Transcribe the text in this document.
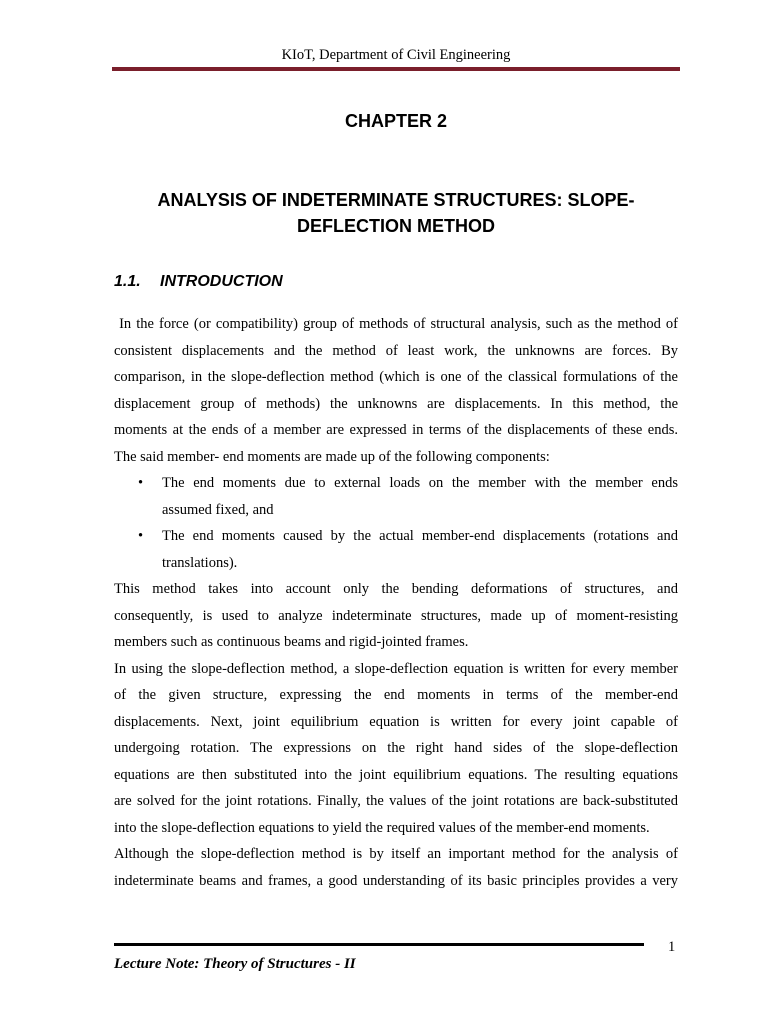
KIoT, Department of Civil Engineering
CHAPTER 2
ANALYSIS OF INDETERMINATE STRUCTURES: SLOPE-
DEFLECTION METHOD
1.1. INTRODUCTION

In the force (or compatibility) group of methods of structural analysis, such as the method of
consistent displacements and the method of least work, the unknowns are forces. By
comparison, in the slope-deflection method (which is one of the classical formulations of the
displacement group of methods) the unknowns are displacements. In this method, the
moments at the ends of a member are expressed in terms of the displacements of these ends.
The said member- end moments are made up of the following components:

• The end moments due to external loads on the member with the member ends
assumed fixed, and
• The end moments caused by the actual member-end displacements (rotations and
translations).

This method takes into account only the bending deformations of structures, and
consequently, is used to analyze indeterminate structures, made up of moment-resisting
members such as continuous beams and rigid-jointed frames.

In using the slope-deflection method, a slope-deflection equation is written for every member
of the given structure, expressing the end moments in terms of the member-end
displacements. Next, joint equilibrium equation is written for every joint capable of
undergoing rotation. The expressions on the right hand sides of the slope-deflection
equations are then substituted into the joint equilibrium equations. The resulting equations
are solved for the joint rotations. Finally, the values of the joint rotations are back-substituted
into the slope-deflection equations to yield the required values of the member-end moments.

Although the slope-deflection method is by itself an important method for the analysis of
indeterminate beams and frames, a good understanding of its basic principles provides a very

1
Lecture Note: Theory of Structures - II
